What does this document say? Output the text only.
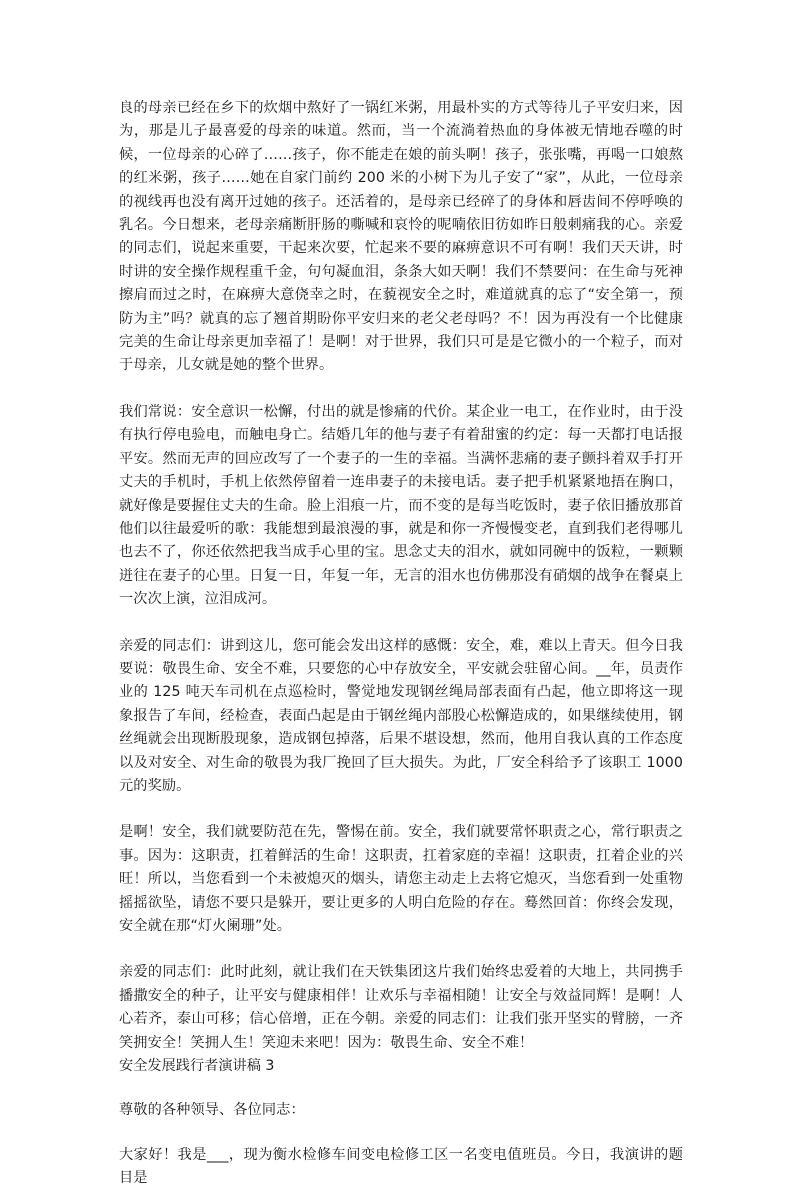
良的母亲已经在乡下的炊烟中熬好了一锅红米粥，用最朴实的方式等待儿子平安归来，因为，那是儿子最喜爱的母亲的味道。然而，当一个流淌着热血的身体被无情地吞噬的时候，一位母亲的心碎了……孩子，你不能走在娘的前头啊！孩子，张张嘴，再喝一口娘熬的红米粥，孩子……她在自家门前约 200 米的小树下为儿子安了“家”，从此，一位母亲的视线再也没有离开过她的孩子。还活着的，是母亲已经碎了的身体和唇齿间不停呼唤的乳名。今日想来，老母亲痛断肝肠的嘶喊和哀怜的呢喃依旧彷如昨日般刺痛我的心。亲爱的同志们，说起来重要，干起来次要，忙起来不要的麻痹意识不可有啊！我们天天讲，时时讲的安全操作规程重千金，句句凝血泪，条条大如天啊！我们不禁要问：在生命与死神擦肩而过之时，在麻痹大意侥幸之时，在藐视安全之时，难道就真的忘了“安全第一，预防为主”吗？就真的忘了翘首期盼你平安归来的老父老母吗？不！因为再没有一个比健康完美的生命让母亲更加幸福了！是啊！对于世界，我们只可是是它微小的一个粒子，而对于母亲，儿女就是她的整个世界。

我们常说：安全意识一松懈，付出的就是惨痛的代价。某企业一电工，在作业时，由于没有执行停电验电，而触电身亡。结婚几年的他与妻子有着甜蜜的约定：每一天都打电话报平安。然而无声的回应改写了一个妻子的一生的幸福。当满怀悲痛的妻子颤抖着双手打开丈夫的手机时，手机上依然停留着一连串妻子的未接电话。妻子把手机紧紧地捂在胸口，就好像是要握住丈夫的生命。脸上泪痕一片，而不变的是每当吃饭时，妻子依旧播放那首他们以往最爱听的歌：我能想到最浪漫的事，就是和你一齐慢慢变老，直到我们老得哪儿也去不了，你还依然把我当成手心里的宝。思念丈夫的泪水，就如同碗中的饭粒，一颗颗迸往在妻子的心里。日复一日，年复一年，无言的泪水也仿佛那没有硝烟的战争在餐桌上一次次上演，泣泪成河。

亲爱的同志们：讲到这儿，您可能会发出这样的感慨：安全，难，难以上青天。但今日我要说：敬畏生命、安全不难，只要您的心中存放安全，平安就会驻留心间。__年，员责作业的 125 吨天车司机在点巡检时，警觉地发现钢丝绳局部表面有凸起，他立即将这一现象报告了车间，经检查，表面凸起是由于钢丝绳内部股心松懈造成的，如果继续使用，钢丝绳就会出现断股现象，造成钢包掉落，后果不堪设想，然而，他用自我认真的工作态度以及对安全、对生命的敬畏为我厂挽回了巨大损失。为此，厂安全科给予了该职工 1000 元的奖励。

是啊！安全，我们就要防范在先，警惕在前。安全，我们就要常怀职责之心，常行职责之事。因为：这职责，扛着鲜活的生命！这职责，扛着家庭的幸福！这职责，扛着企业的兴旺！所以，当您看到一个未被熄灭的烟头，请您主动走上去将它熄灭，当您看到一处重物摇摇欲坠，请您不要只是躲开，要让更多的人明白危险的存在。蓦然回首：你终会发现，安全就在那“灯火阑珊”处。

亲爱的同志们：此时此刻，就让我们在天铁集团这片我们始终忠爱着的大地上，共同携手播撒安全的种子，让平安与健康相伴！让欢乐与幸福相随！让安全与效益同辉！是啊！人心若齐，泰山可移；信心倍增，正在今朝。亲爱的同志们：让我们张开坚实的臂膀，一齐笑拥安全！笑拥人生！笑迎未来吧！因为：敬畏生命、安全不难！

安全发展践行者演讲稿 3

尊敬的各种领导、各位同志：

大家好！我是___，现为衡水检修车间变电检修工区一名变电值班员。今日，我演讲的题目是
